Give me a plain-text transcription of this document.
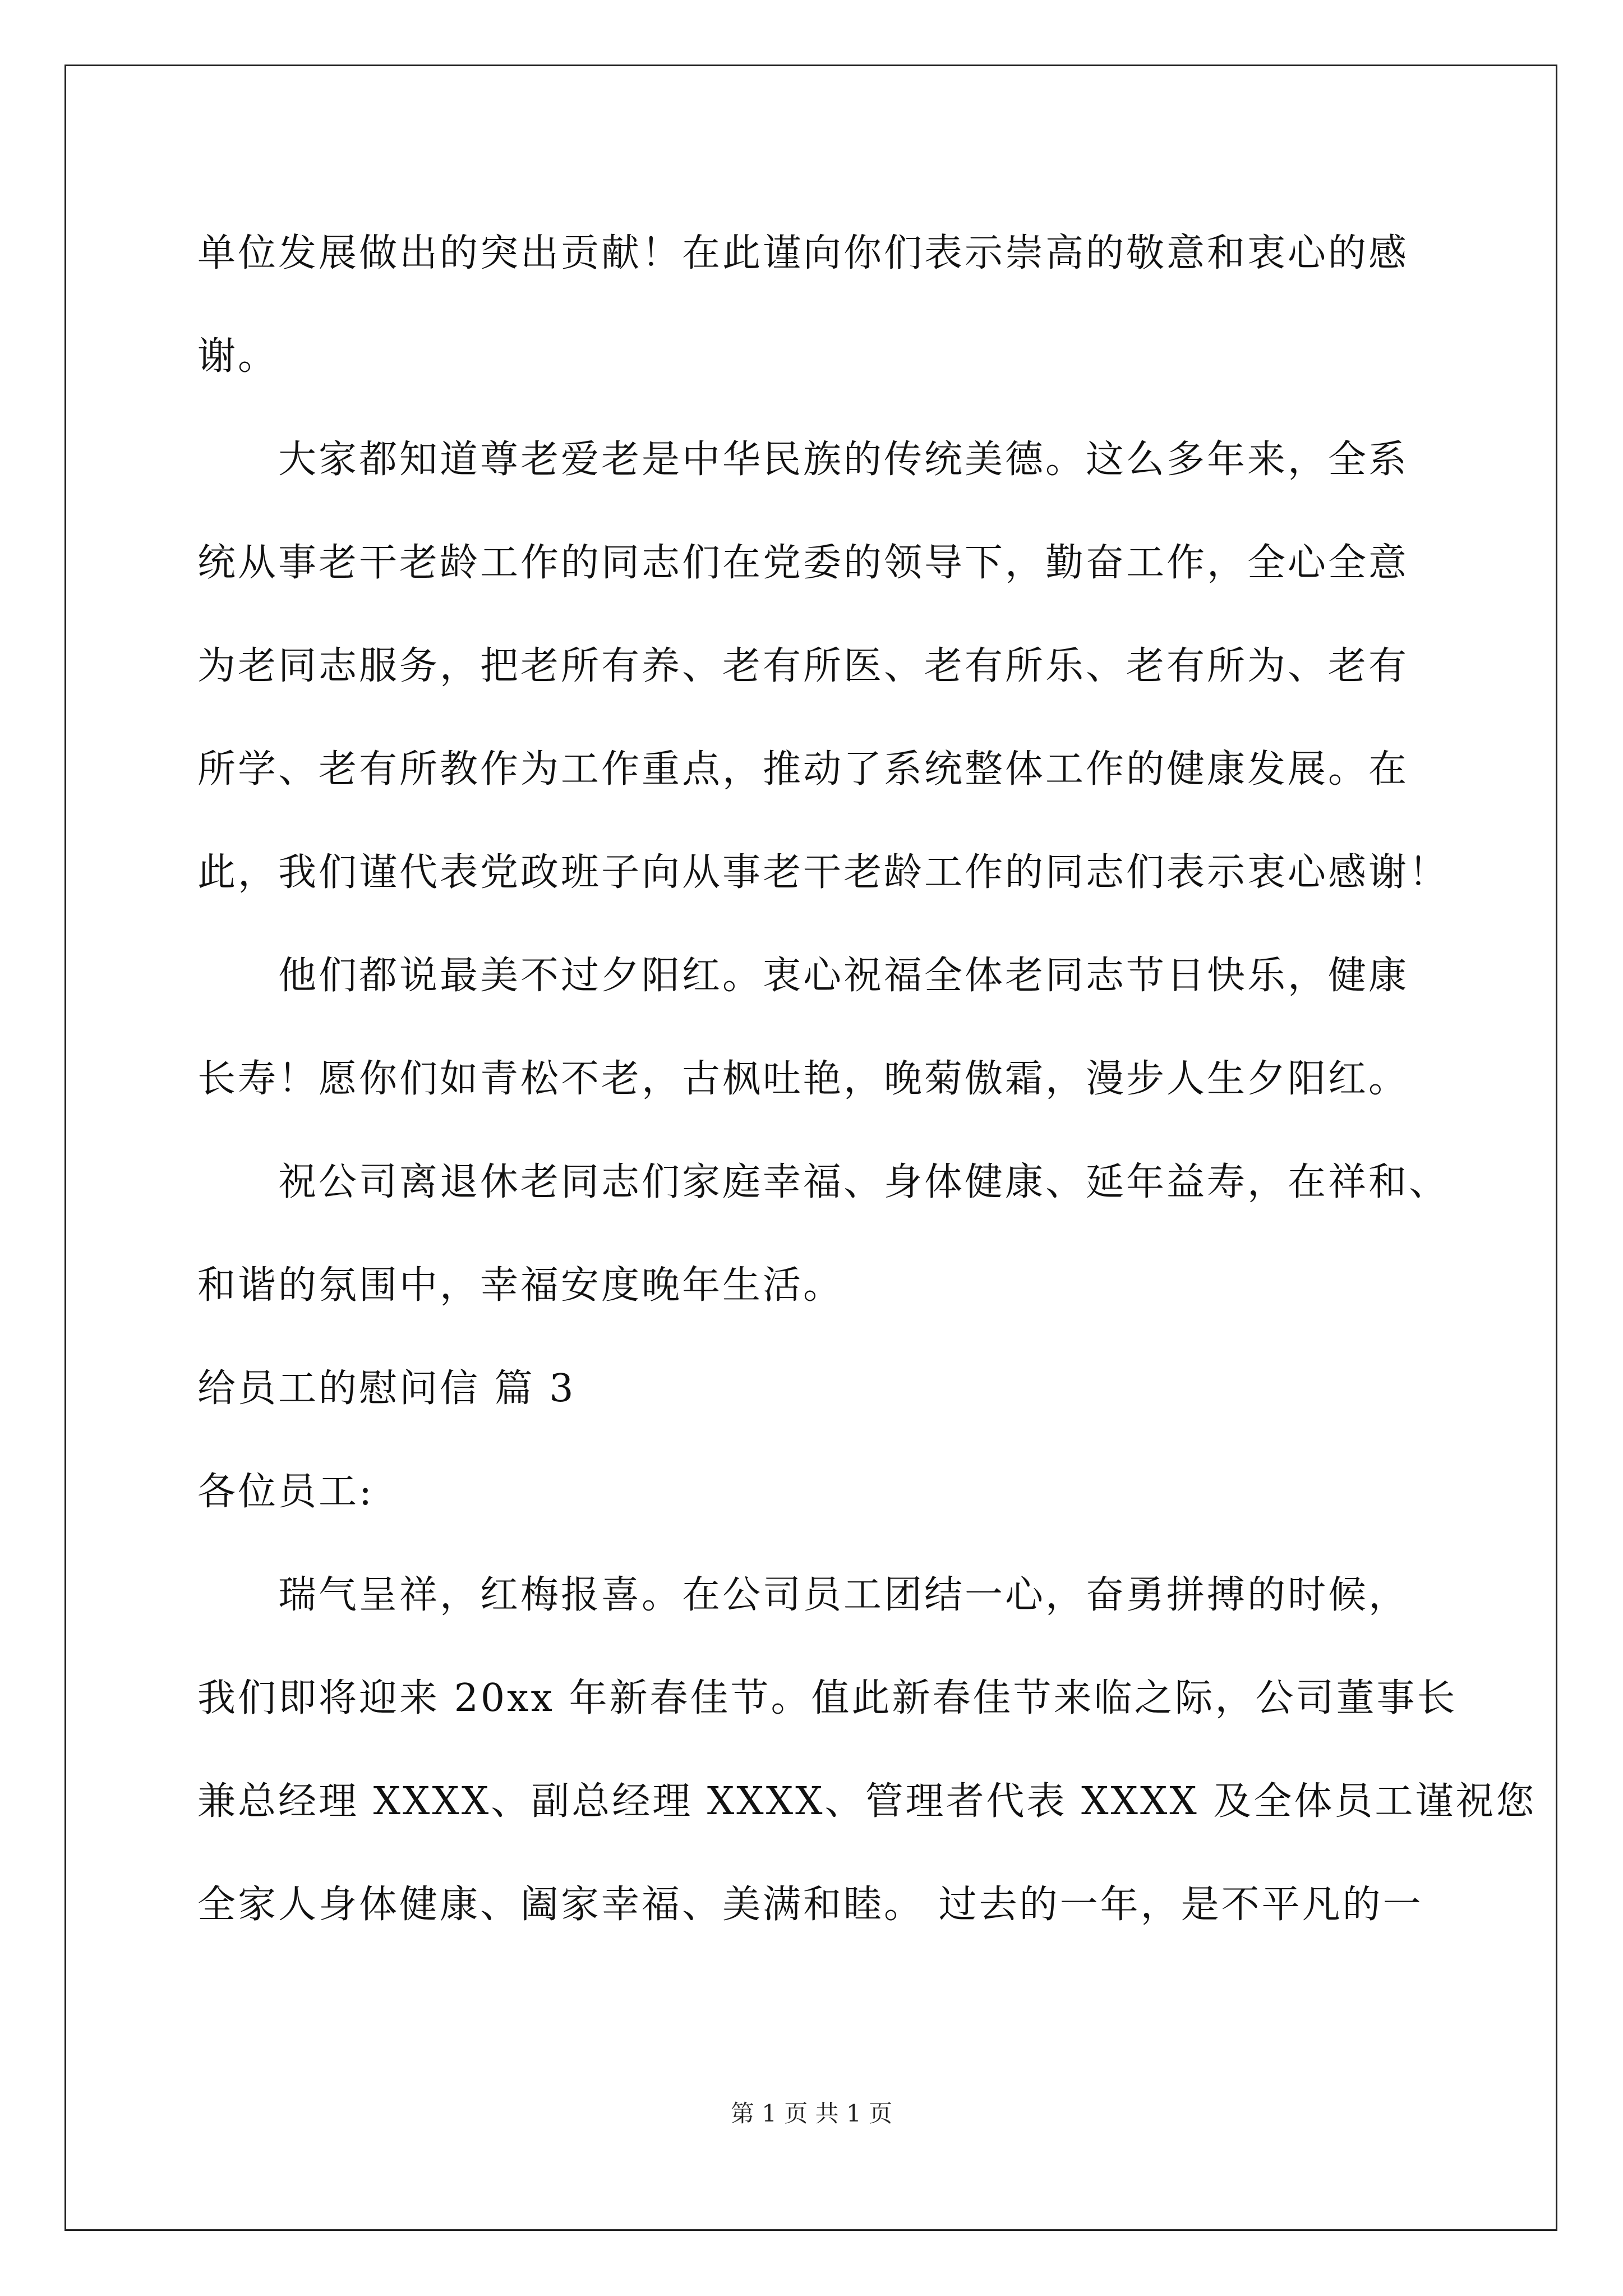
单位发展做出的突出贡献！在此谨向你们表示崇高的敬意和衷心的感
谢。
大家都知道尊老爱老是中华民族的传统美德。这么多年来，全系
统从事老干老龄工作的同志们在党委的领导下，勤奋工作，全心全意
为老同志服务，把老所有养、老有所医、老有所乐、老有所为、老有
所学、老有所教作为工作重点，推动了系统整体工作的健康发展。在
此，我们谨代表党政班子向从事老干老龄工作的同志们表示衷心感谢！
他们都说最美不过夕阳红。衷心祝福全体老同志节日快乐，健康
长寿！愿你们如青松不老，古枫吐艳，晚菊傲霜，漫步人生夕阳红。
祝公司离退休老同志们家庭幸福、身体健康、延年益寿，在祥和、
和谐的氛围中，幸福安度晚年生活。
给员工的慰问信 篇 3
各位员工:
瑞气呈祥，红梅报喜。在公司员工团结一心，奋勇拼搏的时候，
我们即将迎来 20xx 年新春佳节。值此新春佳节来临之际，公司董事长
兼总经理 XXXX、副总经理 XXXX、管理者代表 XXXX 及全体员工谨祝您
全家人身体健康、阖家幸福、美满和睦。 过去的一年，是不平凡的一
第 1 页 共 1 页
